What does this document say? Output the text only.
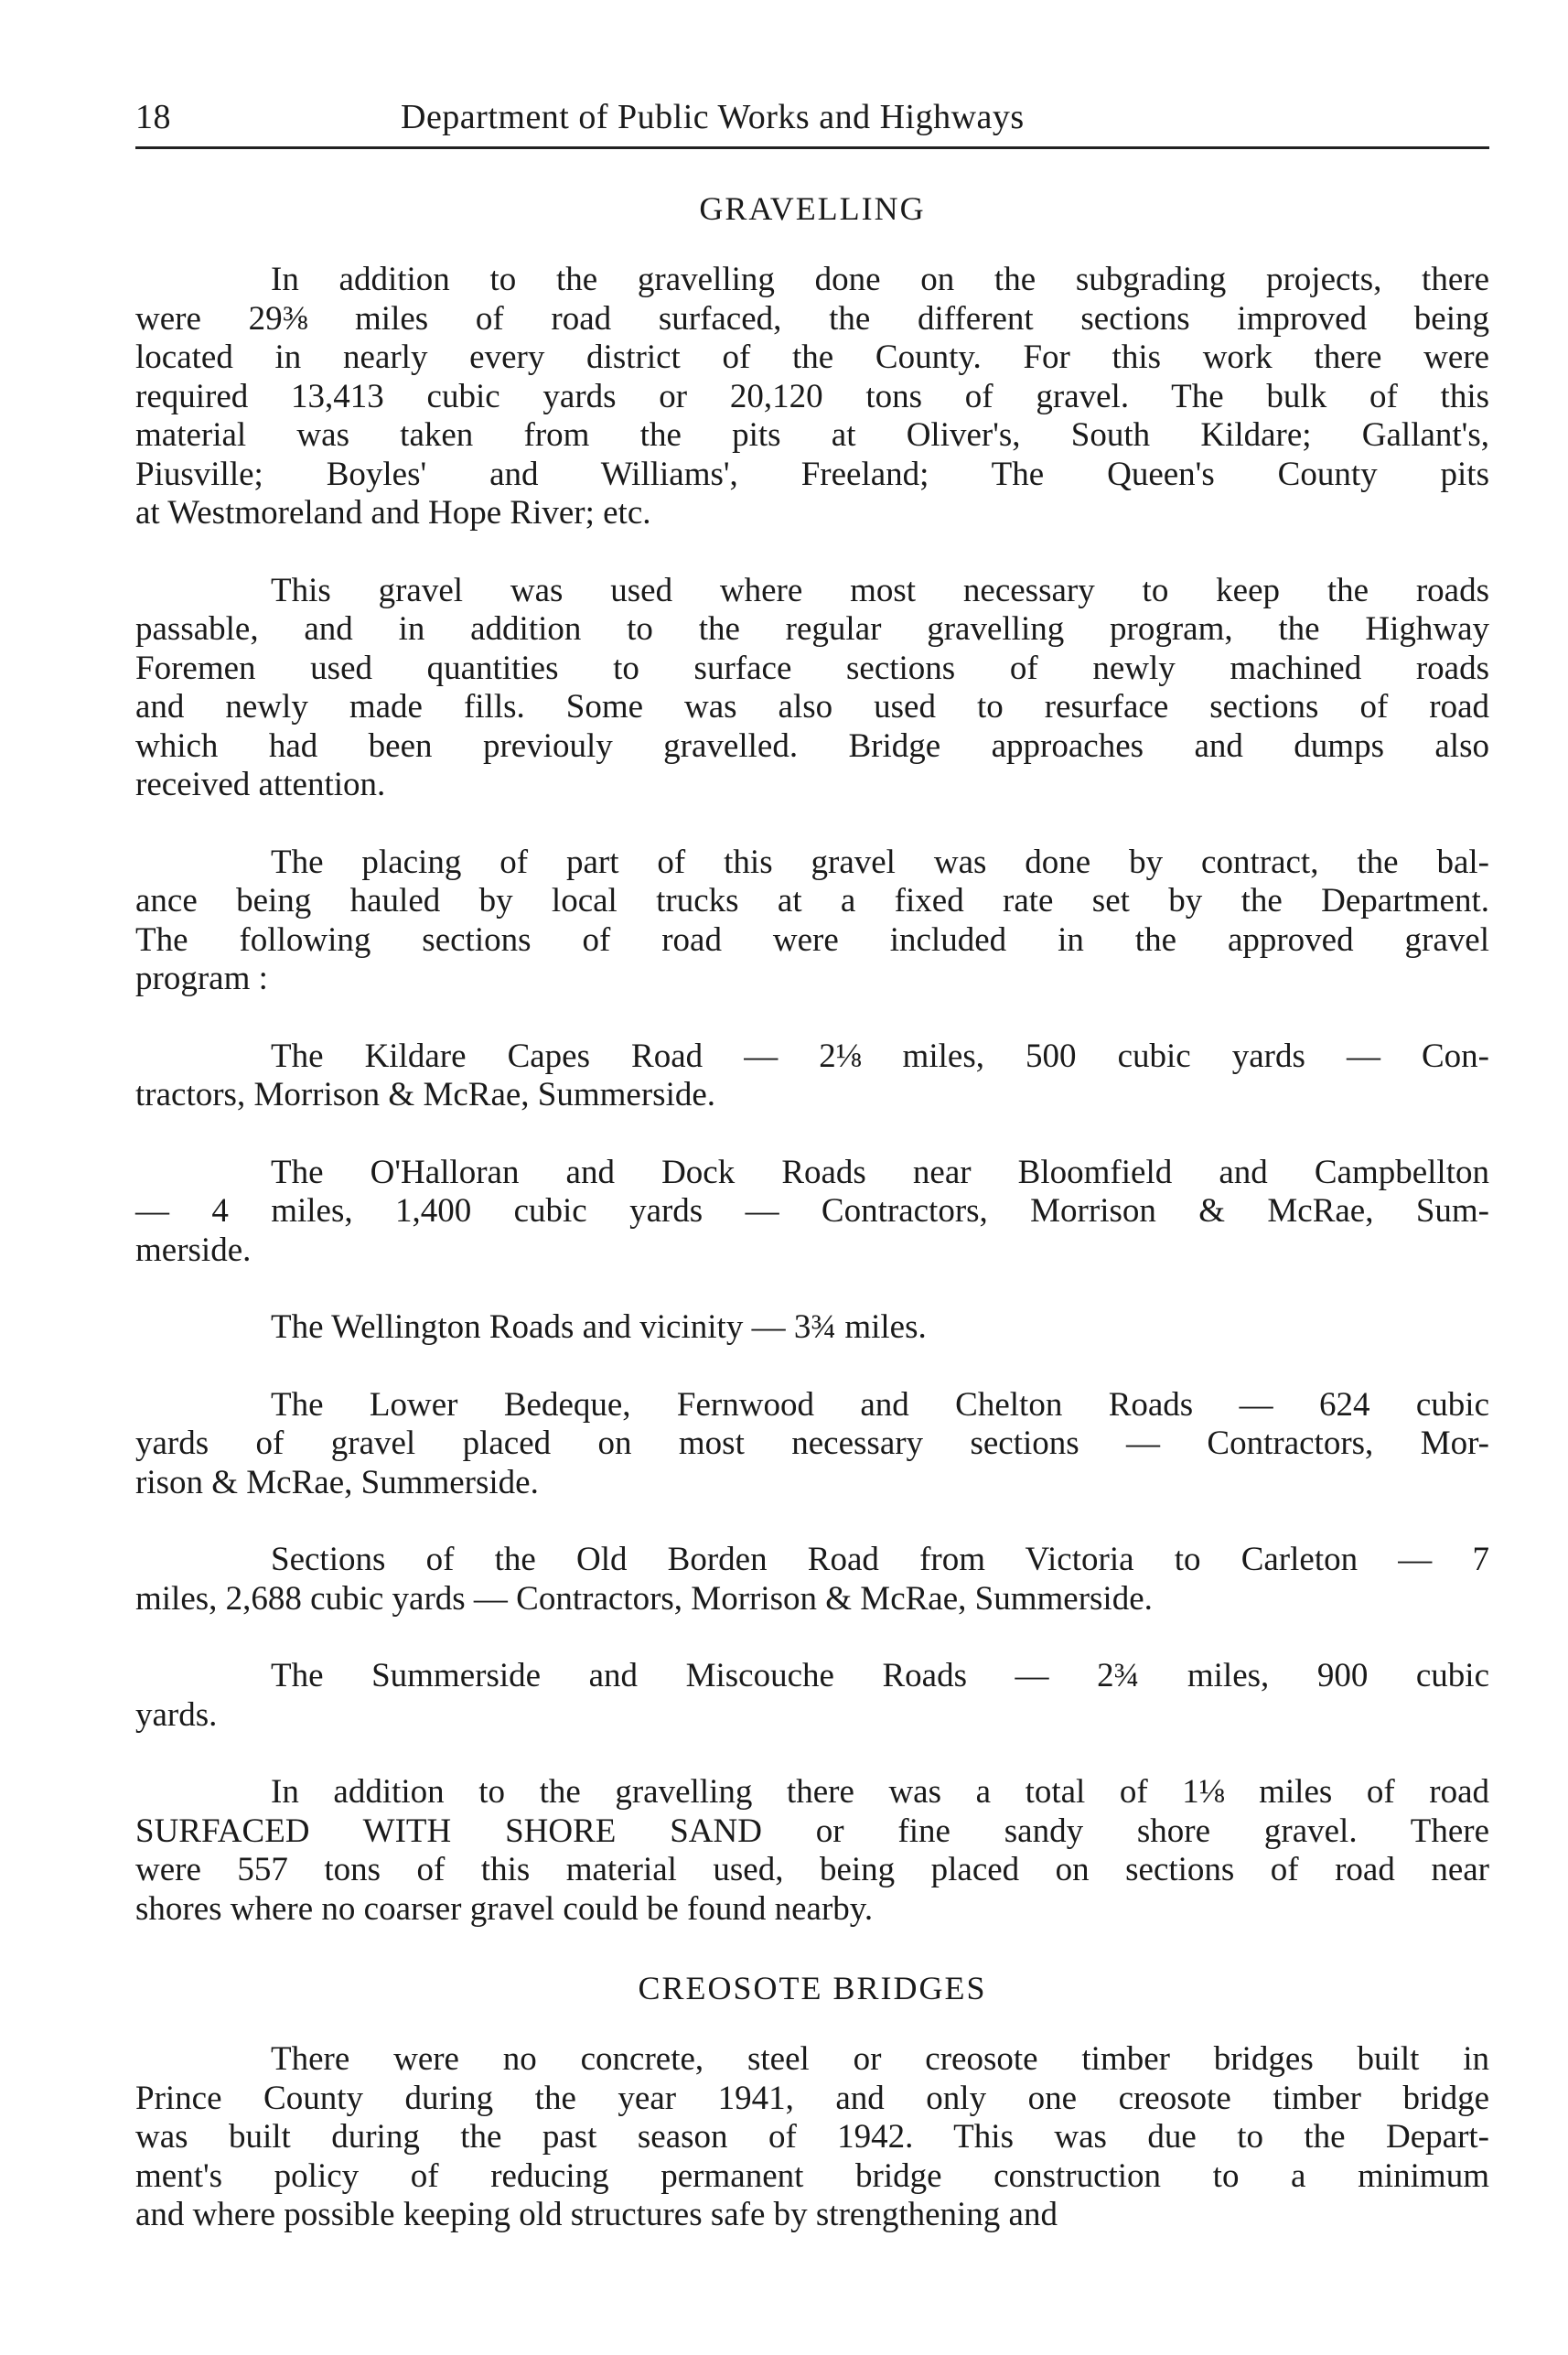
18	Department of Public Works and Highways
GRAVELLING
In addition to the gravelling done on the subgrading projects, there
were 29⅜ miles of road surfaced, the different sections improved being
located in nearly every district of the County. For this work there were
required 13,413 cubic yards or 20,120 tons of gravel. The bulk of this
material was taken from the pits at Oliver's, South Kildare; Gallant's,
Piusville; Boyles' and Williams', Freeland; The Queen's County pits
at Westmoreland and Hope River; etc.
This gravel was used where most necessary to keep the roads
passable, and in addition to the regular gravelling program, the Highway
Foremen used quantities to surface sections of newly machined roads
and newly made fills. Some was also used to resurface sections of road
which had been previouly gravelled. Bridge approaches and dumps also
received attention.
The placing of part of this gravel was done by contract, the bal-
ance being hauled by local trucks at a fixed rate set by the Department.
The following sections of road were included in the approved gravel
program :
The Kildare Capes Road — 2⅛ miles, 500 cubic yards — Con-
tractors, Morrison & McRae, Summerside.
The O'Halloran and Dock Roads near Bloomfield and Campbellton
— 4 miles, 1,400 cubic yards — Contractors, Morrison & McRae, Sum-
merside.
The Wellington Roads and vicinity — 3¾ miles.
The Lower Bedeque, Fernwood and Chelton Roads — 624 cubic
yards of gravel placed on most necessary sections — Contractors, Mor-
rison & McRae, Summerside.
Sections of the Old Borden Road from Victoria to Carleton — 7
miles, 2,688 cubic yards — Contractors, Morrison & McRae, Summerside.
The Summerside and Miscouche Roads — 2¾ miles, 900 cubic
yards.
In addition to the gravelling there was a total of 1⅛ miles of road
SURFACED WITH SHORE SAND or fine sandy shore gravel. There
were 557 tons of this material used, being placed on sections of road near
shores where no coarser gravel could be found nearby.
CREOSOTE BRIDGES
There were no concrete, steel or creosote timber bridges built in
Prince County during the year 1941, and only one creosote timber bridge
was built during the past season of 1942. This was due to the Depart-
ment's policy of reducing permanent bridge construction to a minimum
and where possible keeping old structures safe by strengthening and
